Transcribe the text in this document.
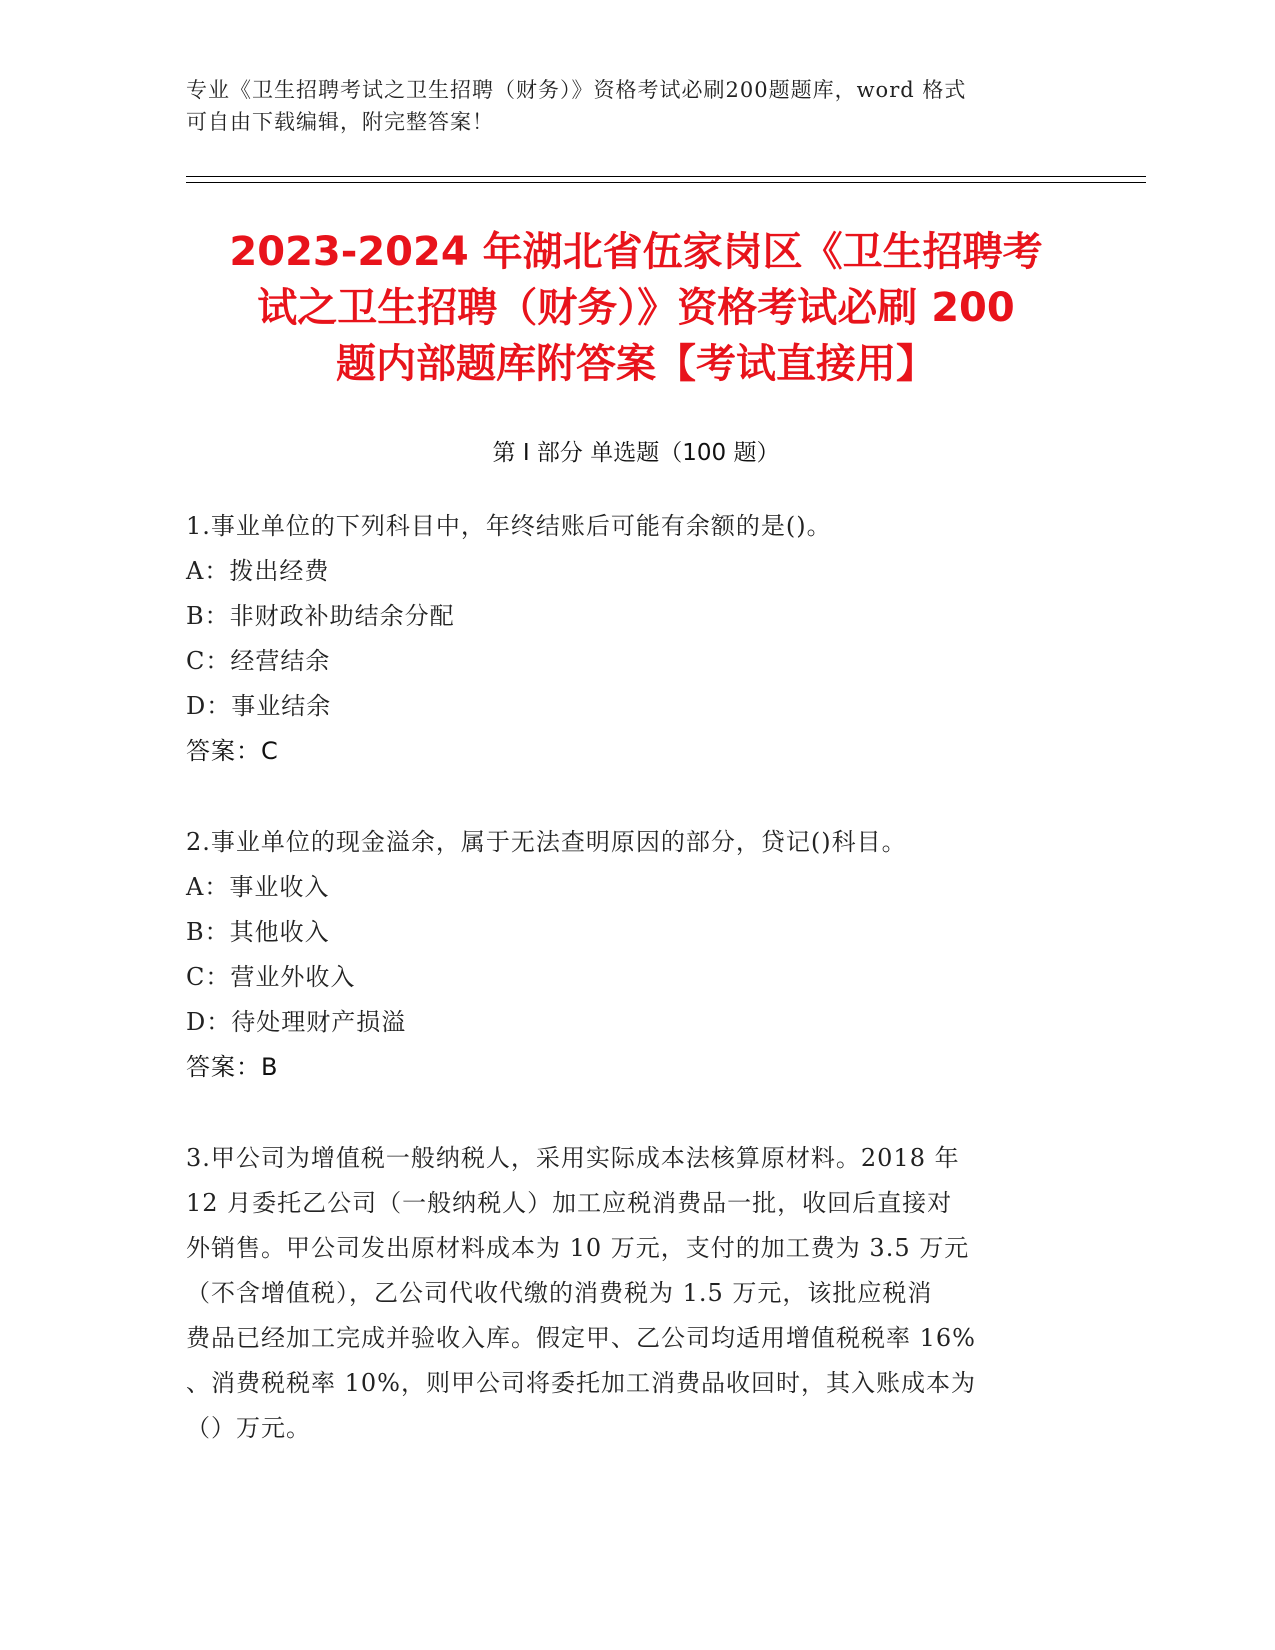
专业《卫生招聘考试之卫生招聘（财务）》资格考试必刷200题题库，word 格式
可自由下载编辑，附完整答案！
2023-2024 年湖北省伍家岗区《卫生招聘考
试之卫生招聘（财务）》资格考试必刷 200
题内部题库附答案【考试直接用】
第 I 部分 单选题（100 题）
1.事业单位的下列科目中，年终结账后可能有余额的是()。
A：拨出经费
B：非财政补助结余分配
C：经营结余
D：事业结余
答案：C
2.事业单位的现金溢余，属于无法查明原因的部分，贷记()科目。
A：事业收入
B：其他收入
C：营业外收入
D：待处理财产损溢
答案：B
3.甲公司为增值税一般纳税人，采用实际成本法核算原材料。2018 年
12 月委托乙公司（一般纳税人）加工应税消费品一批，收回后直接对
外销售。甲公司发出原材料成本为 10 万元，支付的加工费为 3.5 万元
（不含增值税），乙公司代收代缴的消费税为 1.5 万元，该批应税消
费品已经加工完成并验收入库。假定甲、乙公司均适用增值税税率 16%
、消费税税率 10%，则甲公司将委托加工消费品收回时，其入账成本为
（）万元。
